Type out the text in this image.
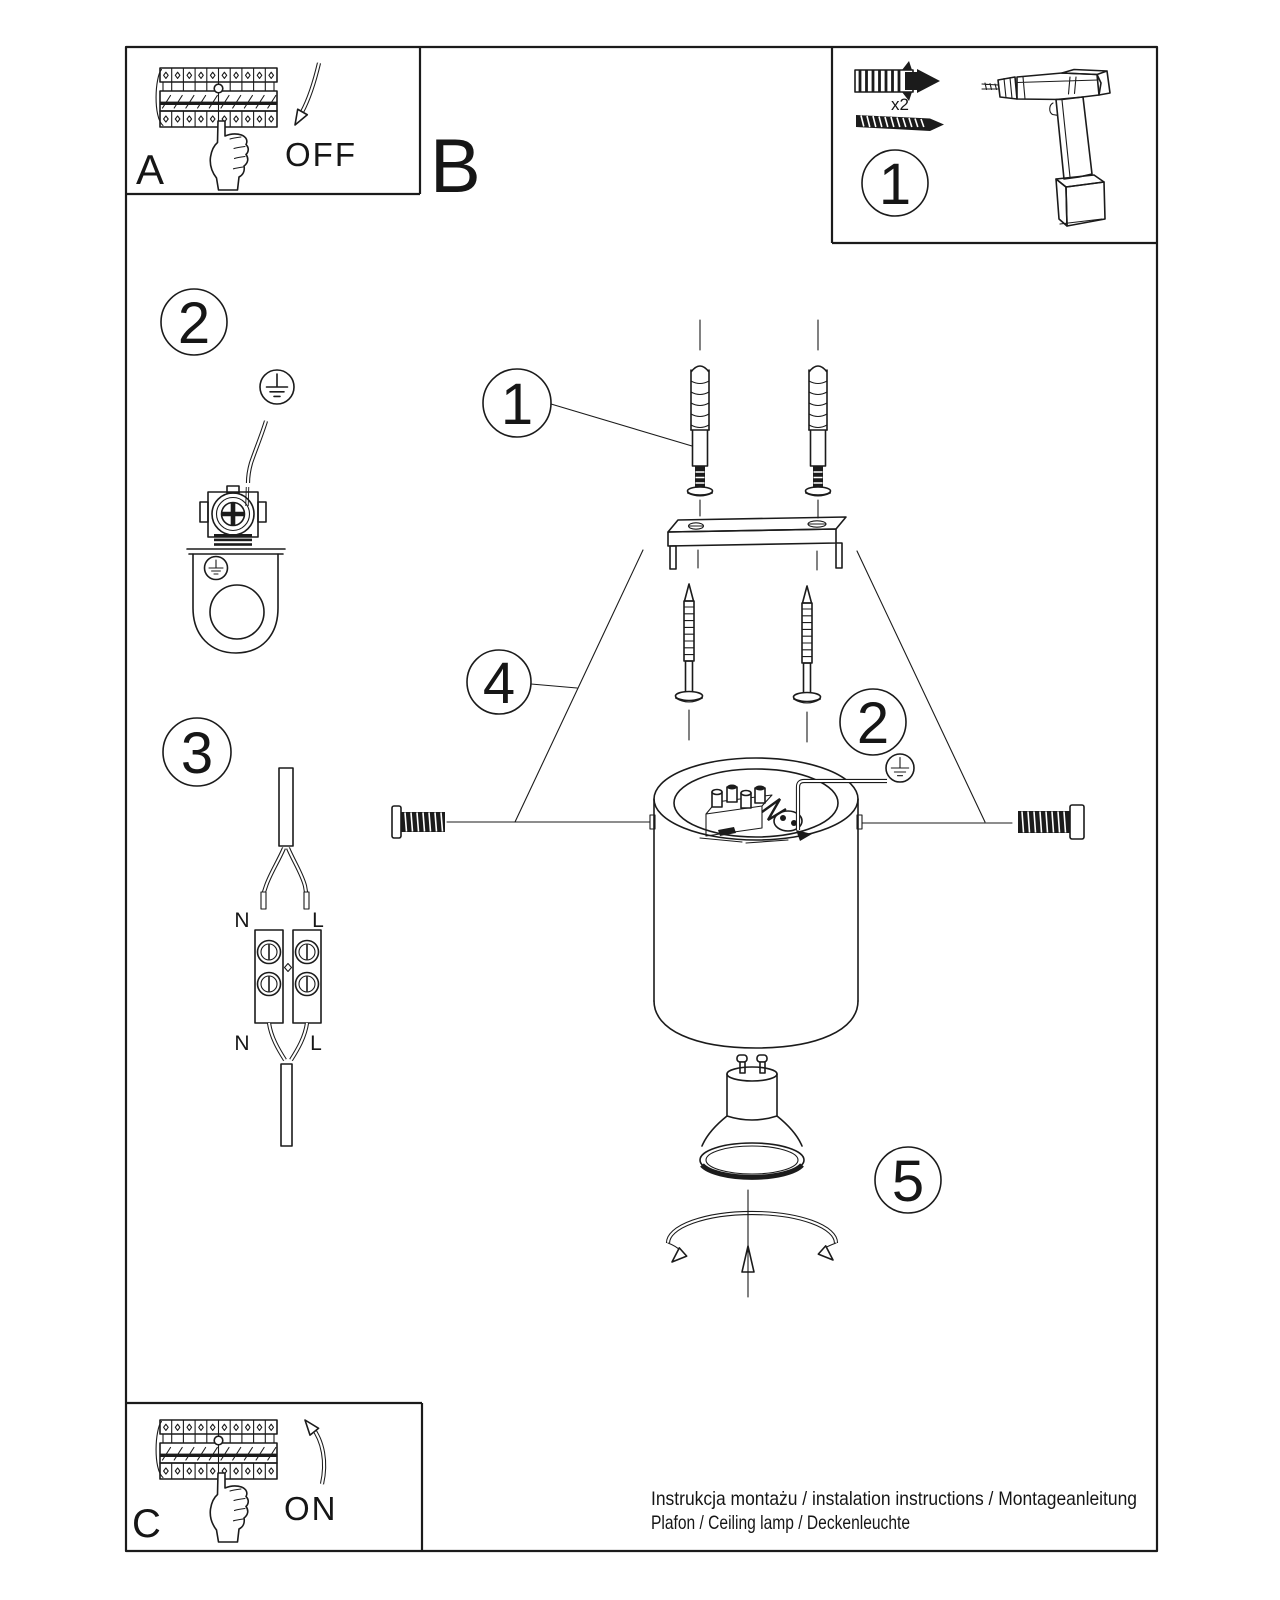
A	OFF B
x2
1
2
3
N	L
N	L
1
4
2
5
C	ON	Instrukcja montażu / instalation instructions / Montageanleitung
Plafon / Ceiling lamp / Deckenleuchte
